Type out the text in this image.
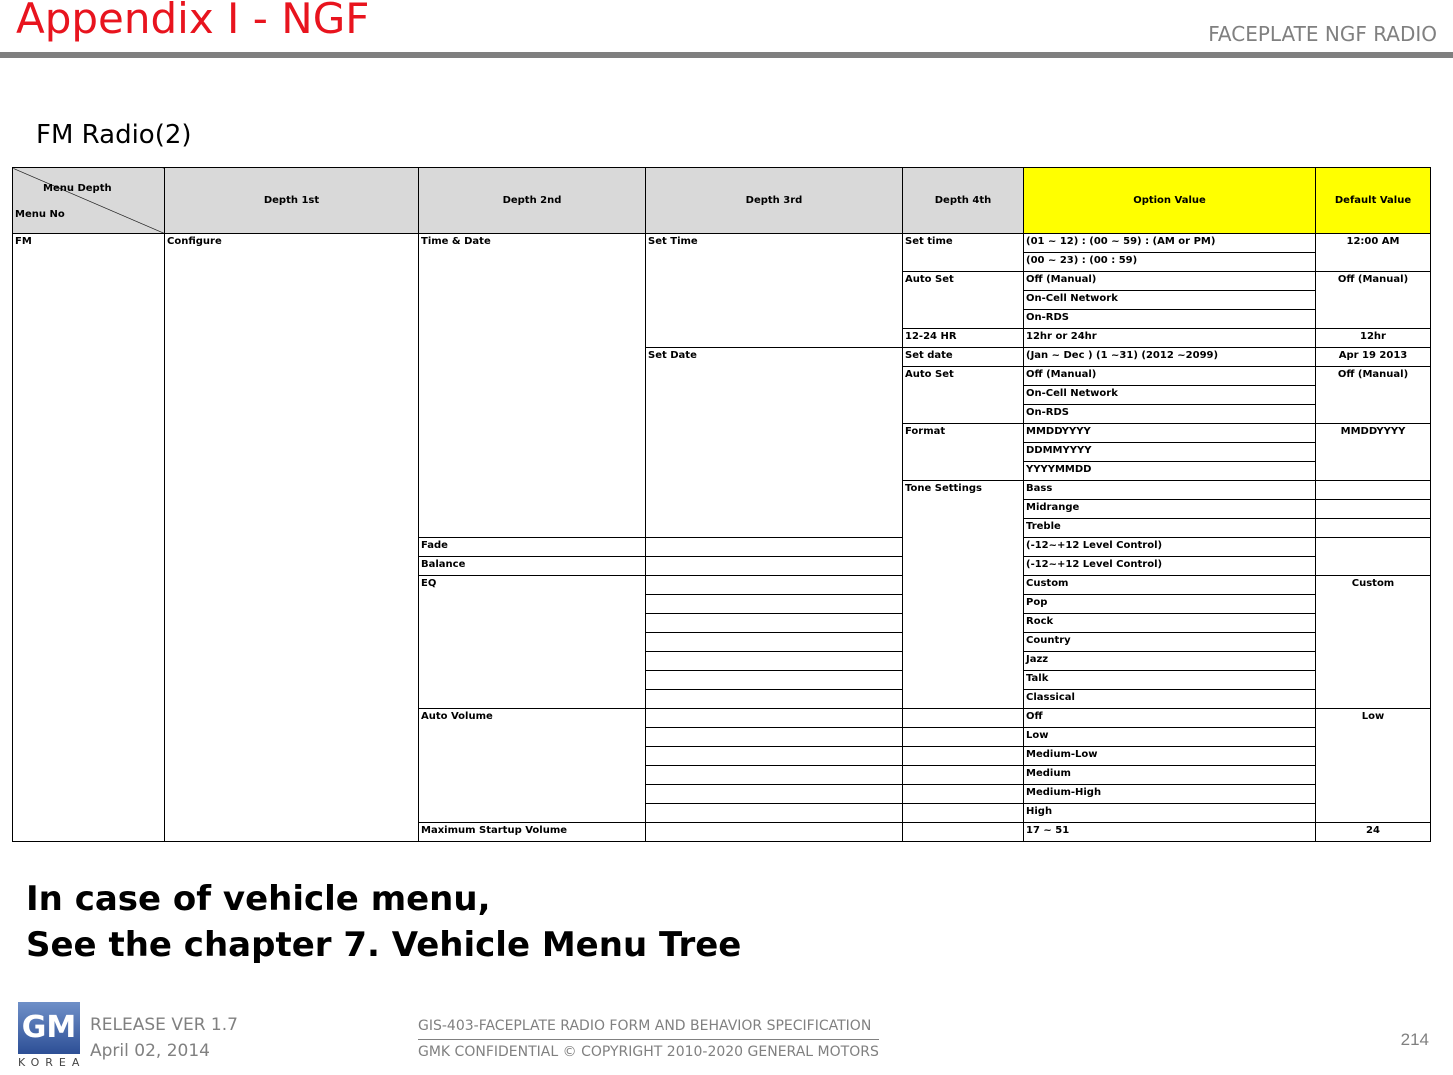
Appendix I - NGF	FACEPLATE NGF RADIO
FM Radio(2)
Menu Depth
Menu No	Depth 1st	Depth 2nd	Depth 3rd	Depth 4th	Option Value	Default Value	
FM	Configure	Time & Date	Set Time	Set time	(01 ~ 12) : (00 ~ 59) : (AM or PM)	12:00 AM	
					(00 ~ 23) : (00 : 59)		
				Auto Set	Off (Manual)	Off (Manual)	
					On-Cell Network		
					On-RDS		
				12-24 HR	12hr or 24hr	12hr	
			Set Date	Set date	(Jan ~ Dec ) (1 ~31) (2012 ~2099)	Apr 19 2013	
				Auto Set	Off (Manual)	Off (Manual)	
					On-Cell Network		
					On-RDS		
				Format	MMDDYYYY	MMDDYYYY	
					DDMMYYYY		
					YYYYMMDD		
				Tone Settings	Bass			
					Midrange		
					Treble		
		Fade			(-12~+12 Level Control)		
		Balance			(-12~+12 Level Control)		
		EQ			Custom	Custom	
					Pop		
					Rock		
					Country		
					Jazz		
					Talk		
					Classical		
		Auto Volume			Off	Low	
					Low		
					Medium-Low		
					Medium		
					Medium-High		
					High		
		Maximum Startup Volume			17 ~ 51	24	
In case of vehicle menu,
See the chapter 7. Vehicle Menu Tree
GM
KOREA
RELEASE VER 1.7
April 02, 2014
GIS-403-FACEPLATE RADIO FORM AND BEHAVIOR SPECIFICATION
GMK CONFIDENTIAL © COPYRIGHT 2010-2020 GENERAL MOTORS
214
